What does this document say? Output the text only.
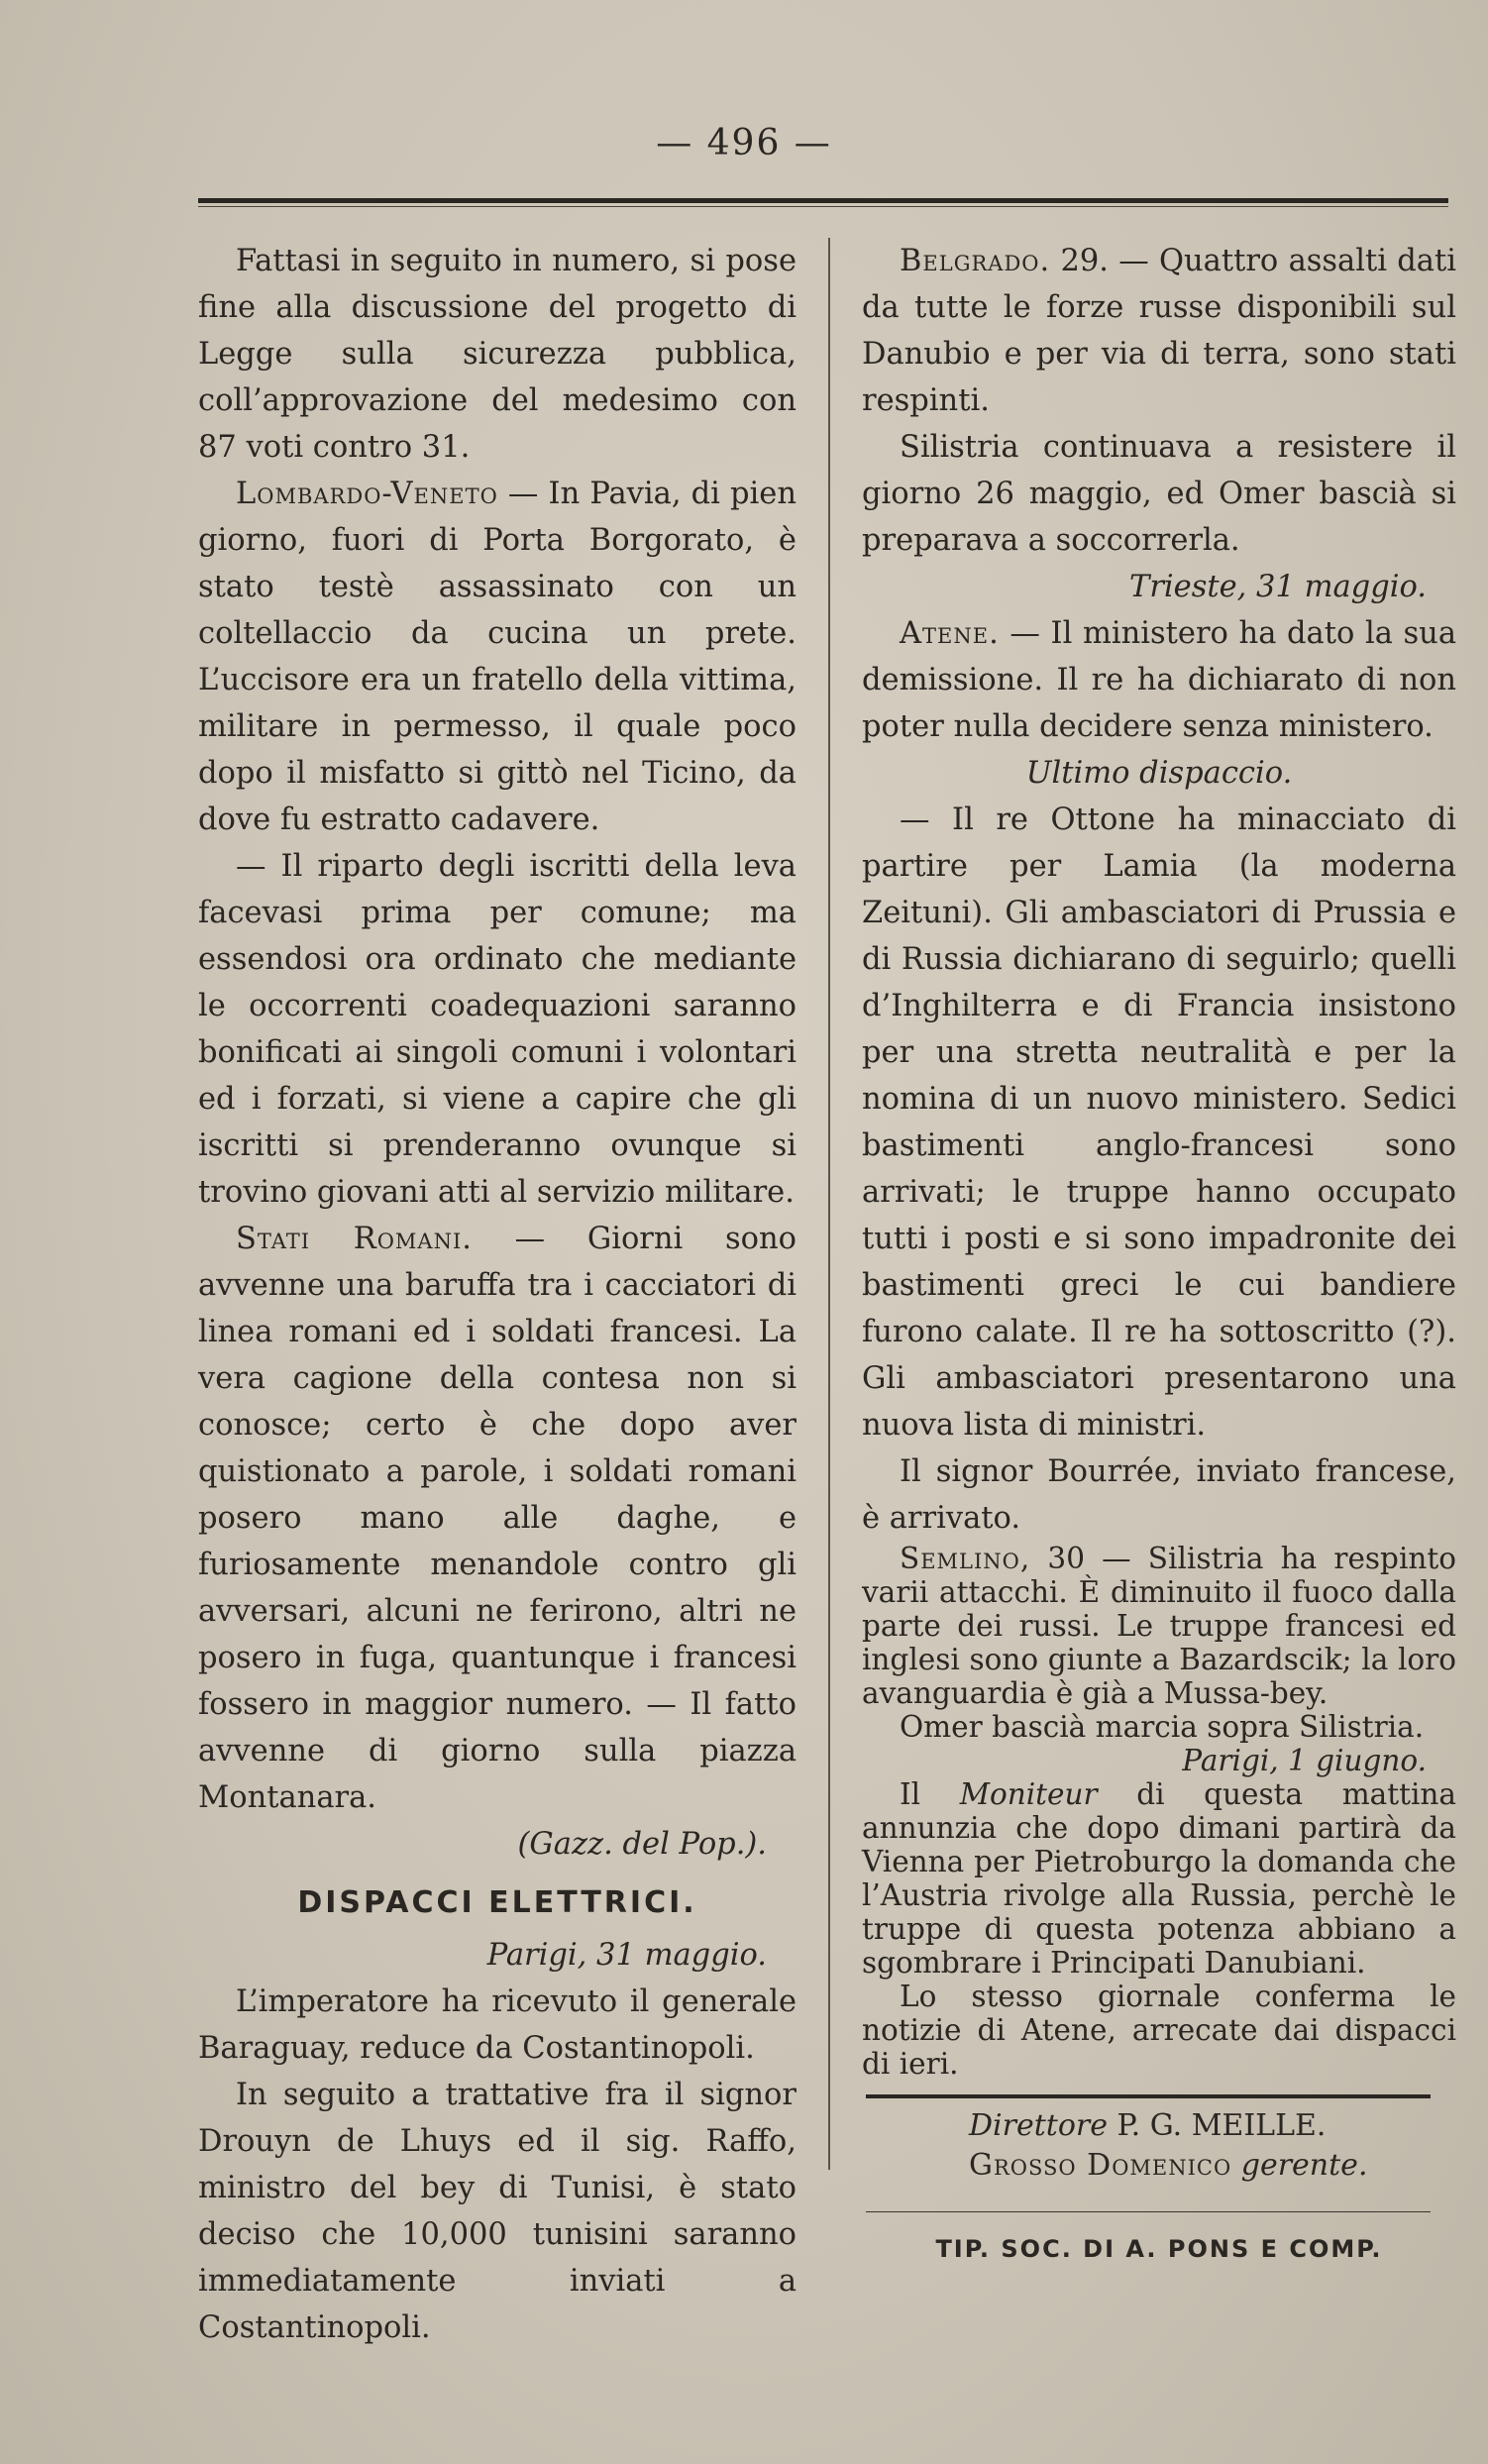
— 496 —

Fattasi in seguito in numero, si pose fine alla discussione del progetto di Legge sulla sicurezza pubblica, coll’approvazione del medesimo con 87 voti contro 31.

Lombardo-Veneto — In Pavia, di pien giorno, fuori di Porta Borgorato, è stato testè assassinato con un coltellaccio da cucina un prete. L’uccisore era un fratello della vittima, militare in permesso, il quale poco dopo il misfatto si gittò nel Ticino, da dove fu estratto cadavere.

— Il riparto degli iscritti della leva facevasi prima per comune; ma essendosi ora ordinato che mediante le occorrenti coadequazioni saranno bonificati ai singoli comuni i volontari ed i forzati, si viene a capire che gli iscritti si prenderanno ovunque si trovino giovani atti al servizio militare.

Stati Romani. — Giorni sono avvenne una baruffa tra i cacciatori di linea romani ed i soldati francesi. La vera cagione della contesa non si conosce; certo è che dopo aver quistionato a parole, i soldati romani posero mano alle daghe, e furiosamente menandole contro gli avversari, alcuni ne ferirono, altri ne posero in fuga, quantunque i francesi fossero in maggior numero. — Il fatto avvenne di giorno sulla piazza Montanara.

(Gazz. del Pop.).

DISPACCI ELETTRICI.

Parigi, 31 maggio.

L’imperatore ha ricevuto il generale Baraguay, reduce da Costantinopoli.

In seguito a trattative fra il signor Drouyn de Lhuys ed il sig. Raffo, ministro del bey di Tunisi, è stato deciso che 10,000 tunisini saranno immediatamente inviati a Costantinopoli.

Belgrado. 29. — Quattro assalti dati da tutte le forze russe disponibili sul Danubio e per via di terra, sono stati respinti.

Silistria continuava a resistere il giorno 26 maggio, ed Omer bascià si preparava a soccorrerla.

Trieste, 31 maggio.

Atene. — Il ministero ha dato la sua demissione. Il re ha dichiarato di non poter nulla decidere senza ministero.

Ultimo dispaccio.

— Il re Ottone ha minacciato di partire per Lamia (la moderna Zeituni). Gli ambasciatori di Prussia e di Russia dichiarano di seguirlo; quelli d’Inghilterra e di Francia insistono per una stretta neutralità e per la nomina di un nuovo ministero. Sedici bastimenti anglo-francesi sono arrivati; le truppe hanno occupato tutti i posti e si sono impadronite dei bastimenti greci le cui bandiere furono calate. Il re ha sottoscritto (?). Gli ambasciatori presentarono una nuova lista di ministri.

Il signor Bourrée, inviato francese, è arrivato.

Semlino, 30 — Silistria ha respinto varii attacchi. È diminuito il fuoco dalla parte dei russi. Le truppe francesi ed inglesi sono giunte a Bazardscik; la loro avanguardia è già a Mussa-bey.

Omer bascià marcia sopra Silistria.

Parigi, 1 giugno.

Il Moniteur di questa mattina annunzia che dopo dimani partirà da Vienna per Pietroburgo la domanda che l’Austria rivolge alla Russia, perchè le truppe di questa potenza abbiano a sgombrare i Principati Danubiani.

Lo stesso giornale conferma le notizie di Atene, arrecate dai dispacci di ieri.

Direttore P. G. MEILLE.

Grosso Domenico gerente.

TIP. SOC. DI A. PONS E COMP.
